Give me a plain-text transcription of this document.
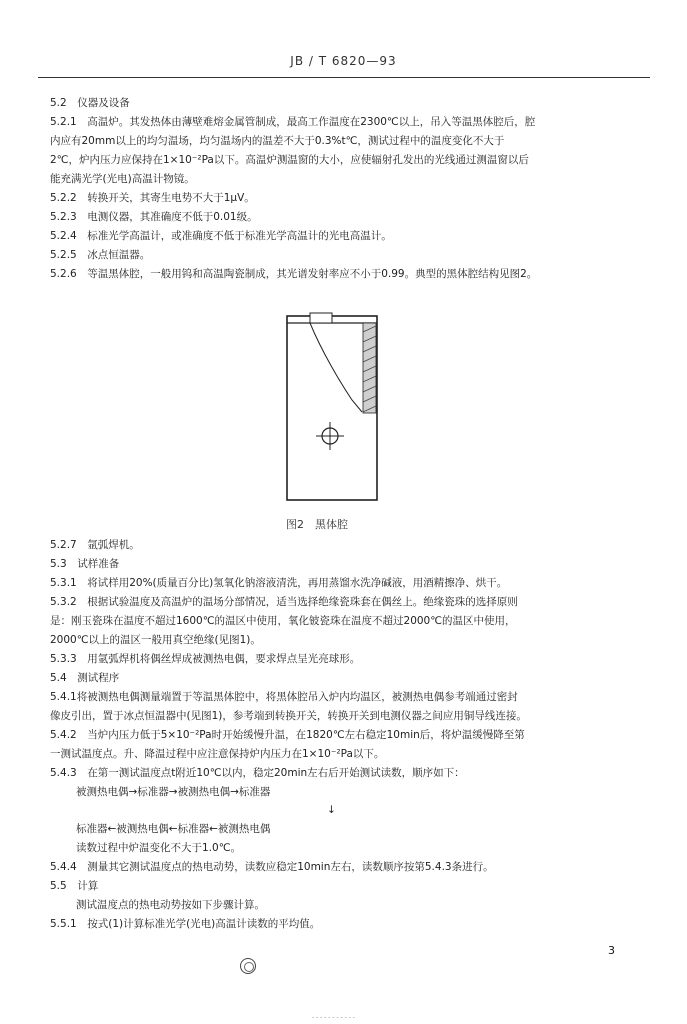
JB / T 6820—93
5.2　仪器及设备
5.2.1　高温炉。其发热体由薄壁难熔金属管制成，最高工作温度在2300℃以上，吊入等温黑体腔后，腔
内应有20mm以上的均匀温场，均匀温场内的温差不大于0.3%t℃，测试过程中的温度变化不大于
2℃，炉内压力应保持在1×10⁻²Pa以下。高温炉测温窗的大小，应使辐射孔发出的光线通过测温窗以后
能充满光学(光电)高温计物镜。
5.2.2　转换开关，其寄生电势不大于1μV。
5.2.3　电测仪器，其准确度不低于0.01级。
5.2.4　标准光学高温计，或准确度不低于标准光学高温计的光电高温计。
5.2.5　冰点恒温器。
5.2.6　等温黑体腔，一般用钨和高温陶瓷制成，其光谱发射率应不小于0.99。典型的黑体腔结构见图2。
图2　黑体腔
5.2.7　氩弧焊机。
5.3　试样准备
5.3.1　将试样用20%(质量百分比)氢氧化钠溶液清洗，再用蒸馏水洗净碱液，用酒精擦净、烘干。
5.3.2　根据试验温度及高温炉的温场分部情况，适当选择绝缘瓷珠套在偶丝上。绝缘瓷珠的选择原则
是：刚玉瓷珠在温度不超过1600℃的温区中使用，氧化铍瓷珠在温度不超过2000℃的温区中使用，
2000℃以上的温区一般用真空绝缘(见图1)。
5.3.3　用氩弧焊机将偶丝焊成被测热电偶，要求焊点呈光亮球形。
5.4　测试程序
5.4.1将被测热电偶测量端置于等温黑体腔中，将黑体腔吊入炉内均温区，被测热电偶参考端通过密封
像皮引出，置于冰点恒温器中(见图1)，参考端到转换开关，转换开关到电测仪器之间应用铜导线连接。
5.4.2　当炉内压力低于5×10⁻²Pa时开始缓慢升温，在1820℃左右稳定10min后，将炉温缓慢降至第
一测试温度点。升、降温过程中应注意保持炉内压力在1×10⁻²Pa以下。
5.4.3　在第一测试温度点t附近10℃以内，稳定20min左右后开始测试读数，顺序如下：
被测热电偶→标准器→被测热电偶→标准器
↓
标准器←被测热电偶←标准器←被测热电偶
读数过程中炉温变化不大于1.0℃。
5.4.4　测量其它测试温度点的热电动势，读数应稳定10min左右，读数顺序按第5.4.3条进行。
5.5　计算
测试温度点的热电动势按如下步骤计算。
5.5.1　按式(1)计算标准光学(光电)高温计读数的平均值。
3
- - - - - - - - - - -
